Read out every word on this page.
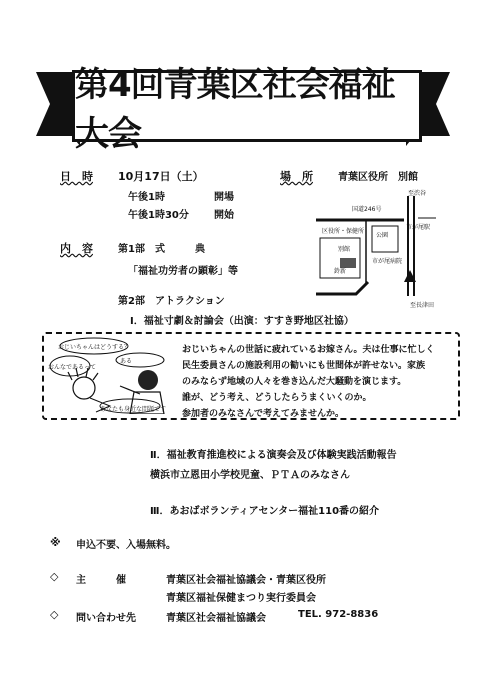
第4回青葉区社会福祉大会
日　時 10月17日（土）
午後1時	開場
午後1時30分	開始
場　所	青葉区役所　別館
国道246号
至渋谷
市が尾駅
区役所・保健所
別館
公園
市が尾病院
鈴新
至長津田
内　容	第1部　式　　　典
「福祉功労者の顕彰」等
第2部　アトラクション
Ⅰ．福祉寸劇＆討論会（出演：すすき野地区社協）
おじいちゃんはどうする？
ある
おんなであるって
あなたも身近な問題です
おじいちゃんの世話に疲れているお嫁さん。夫は仕事に忙しく
民生委員さんの施設利用の勧いにも世間体が許せない。家族
のみならず地域の人々を巻き込んだ大騒動を演じます。
誰が、どう考え、どうしたらうまくいくのか。
参加者のみなさんで考えてみませんか。
Ⅱ．福祉教育推進校による演奏会及び体験実践活動報告
横浜市立恩田小学校児童、ＰＴＡのみなさん
Ⅲ．あおばボランティアセンター福祉110番の紹介
※ 申込不要、入場無料。
◇ 主　　　催	青葉区社会福祉協議会・青葉区役所
青葉区福祉保健まつり実行委員会
◇ 問い合わせ先	青葉区社会福祉協議会	TEL. 972-8836
